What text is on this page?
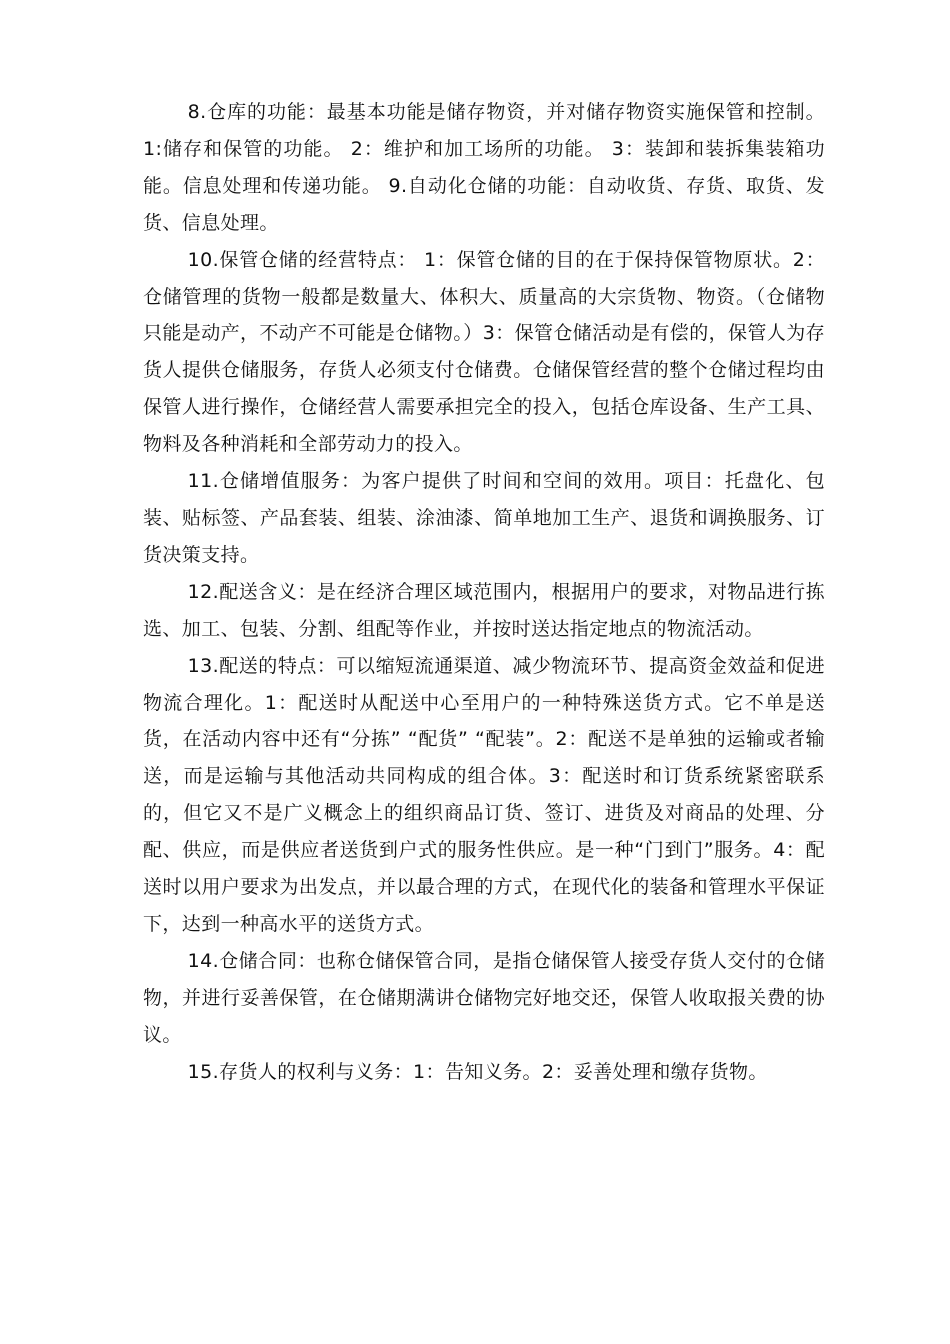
8.仓库的功能：最基本功能是储存物资，并对储存物资实施保管和控制。 1:储存和保管的功能。 2：维护和加工场所的功能。 3：装卸和装拆集装箱功能。信息处理和传递功能。 9.自动化仓储的功能：自动收货、存货、取货、发货、信息处理。

10.保管仓储的经营特点： 1：保管仓储的目的在于保持保管物原状。2：仓储管理的货物一般都是数量大、体积大、质量高的大宗货物、物资。（仓储物只能是动产，不动产不可能是仓储物。）3：保管仓储活动是有偿的，保管人为存货人提供仓储服务，存货人必须支付仓储费。仓储保管经营的整个仓储过程均由保管人进行操作，仓储经营人需要承担完全的投入，包括仓库设备、生产工具、物料及各种消耗和全部劳动力的投入。

11.仓储增值服务：为客户提供了时间和空间的效用。项目：托盘化、包装、贴标签、产品套装、组装、涂油漆、简单地加工生产、退货和调换服务、订货决策支持。

12.配送含义：是在经济合理区域范围内，根据用户的要求，对物品进行拣选、加工、包装、分割、组配等作业，并按时送达指定地点的物流活动。

13.配送的特点：可以缩短流通渠道、减少物流环节、提高资金效益和促进物流合理化。1：配送时从配送中心至用户的一种特殊送货方式。它不单是送货，在活动内容中还有“分拣” “配货” “配装”。2：配送不是单独的运输或者输送，而是运输与其他活动共同构成的组合体。3：配送时和订货系统紧密联系的，但它又不是广义概念上的组织商品订货、签订、进货及对商品的处理、分配、供应，而是供应者送货到户式的服务性供应。是一种“门到门”服务。4：配送时以用户要求为出发点，并以最合理的方式，在现代化的装备和管理水平保证下，达到一种高水平的送货方式。

14.仓储合同：也称仓储保管合同，是指仓储保管人接受存货人交付的仓储物，并进行妥善保管，在仓储期满讲仓储物完好地交还，保管人收取报关费的协议。

15.存货人的权利与义务：1：告知义务。2：妥善处理和缴存货物。
